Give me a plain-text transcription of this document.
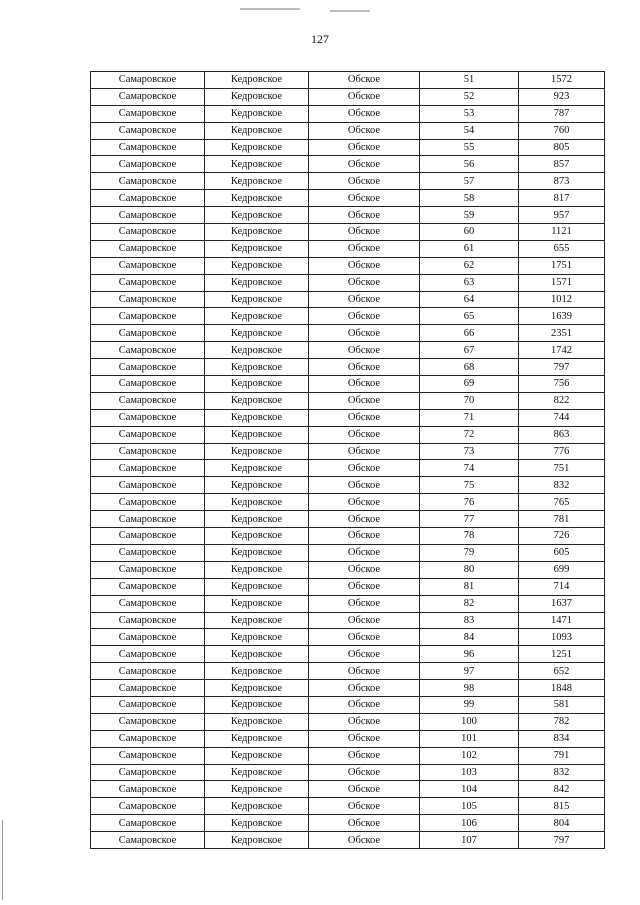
127
Самаровское	Кедровское	Обское	51	1572
Самаровское	Кедровское	Обское	52	923
Самаровское	Кедровское	Обское	53	787
Самаровское	Кедровское	Обское	54	760
Самаровское	Кедровское	Обское	55	805
Самаровское	Кедровское	Обское	56	857
Самаровское	Кедровское	Обское	57	873
Самаровское	Кедровское	Обское	58	817
Самаровское	Кедровское	Обское	59	957
Самаровское	Кедровское	Обское	60	1121
Самаровское	Кедровское	Обское	61	655
Самаровское	Кедровское	Обское	62	1751
Самаровское	Кедровское	Обское	63	1571
Самаровское	Кедровское	Обское	64	1012
Самаровское	Кедровское	Обское	65	1639
Самаровское	Кедровское	Обское	66	2351
Самаровское	Кедровское	Обское	67	1742
Самаровское	Кедровское	Обское	68	797
Самаровское	Кедровское	Обское	69	756
Самаровское	Кедровское	Обское	70	822
Самаровское	Кедровское	Обское	71	744
Самаровское	Кедровское	Обское	72	863
Самаровское	Кедровское	Обское	73	776
Самаровское	Кедровское	Обское	74	751
Самаровское	Кедровское	Обское	75	832
Самаровское	Кедровское	Обское	76	765
Самаровское	Кедровское	Обское	77	781
Самаровское	Кедровское	Обское	78	726
Самаровское	Кедровское	Обское	79	605
Самаровское	Кедровское	Обское	80	699
Самаровское	Кедровское	Обское	81	714
Самаровское	Кедровское	Обское	82	1637
Самаровское	Кедровское	Обское	83	1471
Самаровское	Кедровское	Обское	84	1093
Самаровское	Кедровское	Обское	96	1251
Самаровское	Кедровское	Обское	97	652
Самаровское	Кедровское	Обское	98	1848
Самаровское	Кедровское	Обское	99	581
Самаровское	Кедровское	Обское	100	782
Самаровское	Кедровское	Обское	101	834
Самаровское	Кедровское	Обское	102	791
Самаровское	Кедровское	Обское	103	832
Самаровское	Кедровское	Обское	104	842
Самаровское	Кедровское	Обское	105	815
Самаровское	Кедровское	Обское	106	804
Самаровское	Кедровское	Обское	107	797
